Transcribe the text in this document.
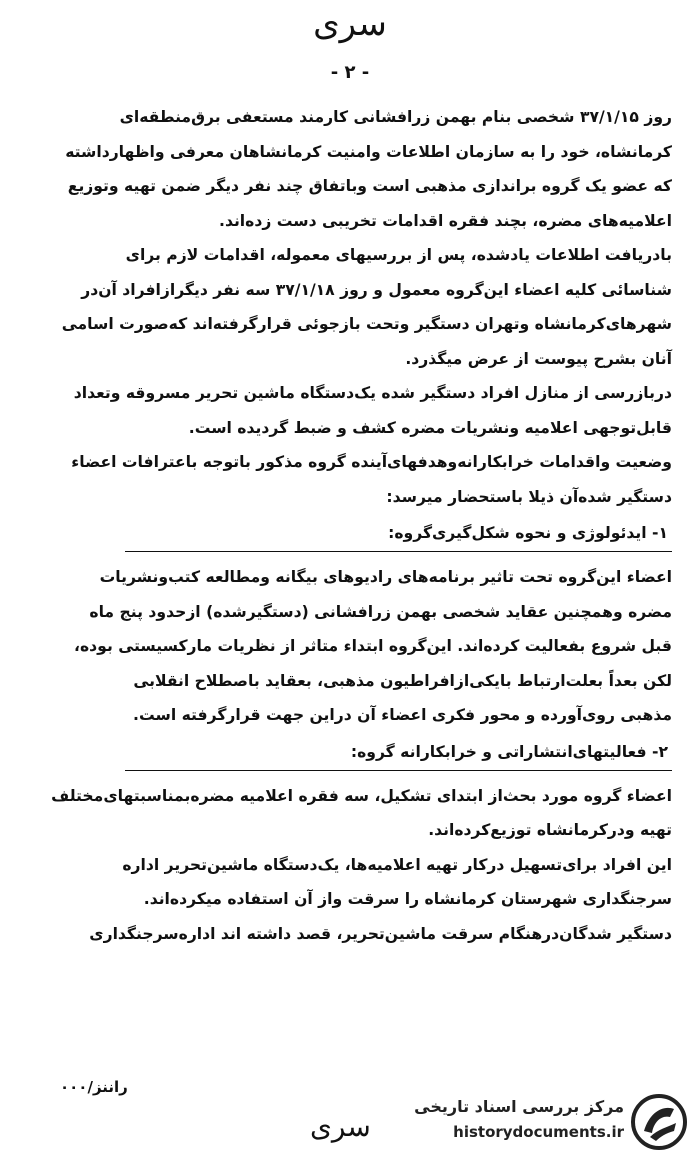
سری
- ۲ -

روز ۳۷/۱/۱۵ شخصی بنام بهمن زرافشانی کارمند مستعفی برق‌منطقه‌ای

کرمانشاه، خود را به سازمان اطلاعات وامنیت کرمانشاهان معرفی واظهارداشته

که عضو یک گروه براندازی مذهبی است وباتفاق چند نفر دیگر ضمن تهیه وتوزیع

اعلامیه‌های مضره، بچند فقره اقدامات تخریبی دست زده‌اند.

بادریافت اطلاعات یادشده، پس از بررسیهای معموله، اقدامات لازم برای

شناسائی کلیه اعضاء این‌گروه معمول و روز ۳۷/۱/۱۸ سه نفر دیگرازافراد آن‌در

شهرهای‌کرمانشاه وتهران دستگیر وتحت بازجوئی قرارگرفته‌اند که‌صورت اسامی

آنان بشرح پیوست از عرض میگذرد.

دربازرسی از منازل افراد دستگیر شده یک‌دستگاه ماشین تحریر مسروقه وتعداد

قابل‌توجهی اعلامیه ونشریات مضره کشف و ضبط گردیده است.

وضعیت واقدامات خرابکارانه‌وهدفهای‌آینده گروه مذکور باتوجه باعترافات اعضاء

دستگیر شده‌آن ذیلا باستحضار میرسد:

۱- ایدئولوژی و نحوه شکل‌گیری‌گروه:

اعضاء این‌گروه تحت تاثیر برنامه‌های رادیوهای بیگانه ومطالعه کتب‌ونشریات

مضره وهمچنین عقاید شخصی بهمن زرافشانی (دستگیرشده) ازحدود پنج ماه

قبل شروع بفعالیت کرده‌اند. این‌گروه ابتداء متاثر از نظریات مارکسیستی بوده،

لکن بعداً بعلت‌ارتباط بایکی‌ازافراطیون مذهبی، بعقاید باصطلاح انقلابی

مذهبی روی‌آورده و محور فکری اعضاء آن دراین جهت قرارگرفته است.

۲- فعالیتهای‌انتشاراتی و خرابکارانه گروه:

اعضاء گروه مورد بحث‌از ابتدای تشکیل، سه فقره اعلامیه مضره‌بمناسبتهای‌مختلف

تهیه ودرکرمانشاه توزیع‌کرده‌اند.

این افراد برای‌تسهیل درکار تهیه اعلامیه‌ها، یک‌دستگاه ماشین‌تحریر اداره

سرجنگداری شهرستان کرمانشاه را سرقت واز آن استفاده میکرده‌اند.

دستگیر شدگان‌درهنگام سرقت ماشین‌تحریر، قصد داشته اند اداره‌سرجنگداری

راننز/۰۰۰
سری
مرکز بررسی اسناد تاریخی
historydocuments.ir
